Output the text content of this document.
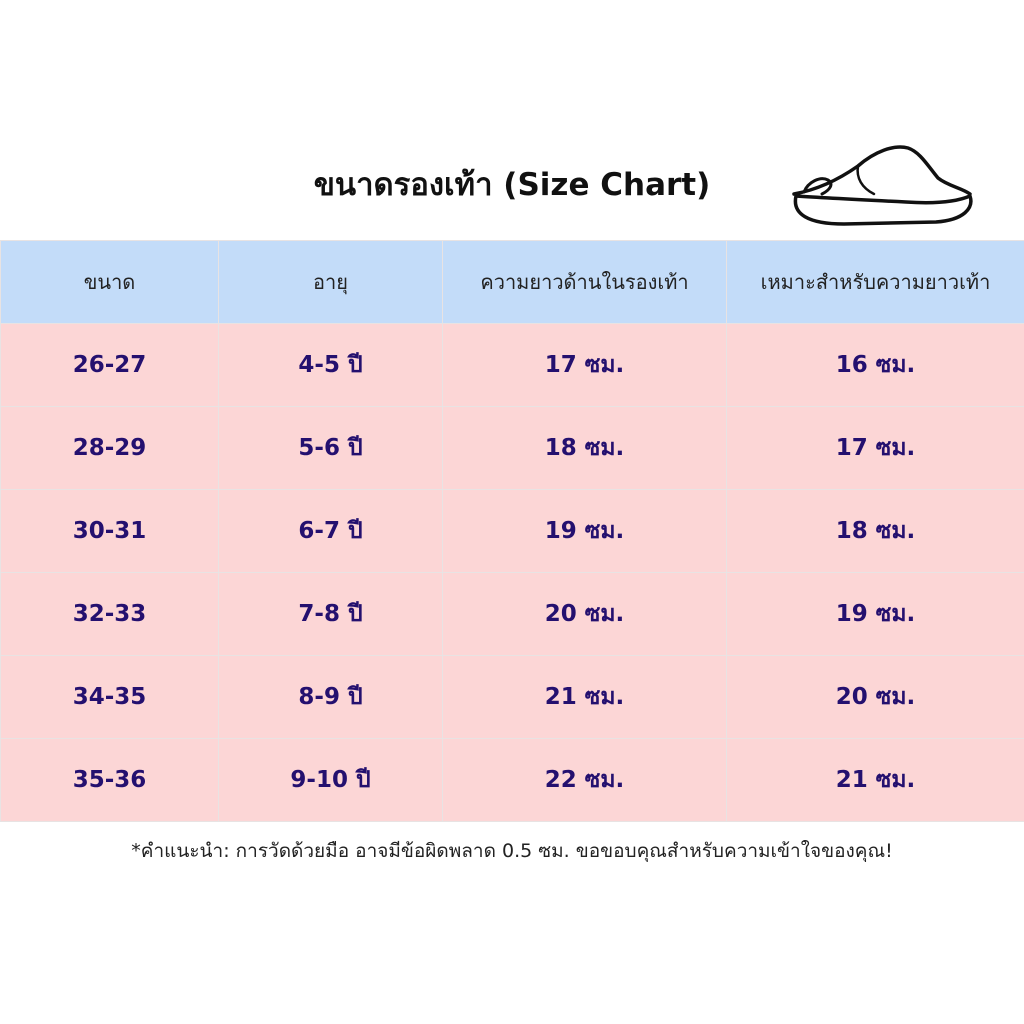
ขนาดรองเท้า (Size Chart)
ขนาด	อายุ	ความยาวด้านในรองเท้า	เหมาะสำหรับความยาวเท้า
26-27	4-5 ปี	17 ซม.	16 ซม.
28-29	5-6 ปี	18 ซม.	17 ซม.
30-31	6-7 ปี	19 ซม.	18 ซม.
32-33	7-8 ปี	20 ซม.	19 ซม.
34-35	8-9 ปี	21 ซม.	20 ซม.
35-36	9-10 ปี	22 ซม.	21 ซม.
*คำแนะนำ: การวัดด้วยมือ อาจมีข้อผิดพลาด 0.5 ซม. ขอขอบคุณสำหรับความเข้าใจของคุณ!
